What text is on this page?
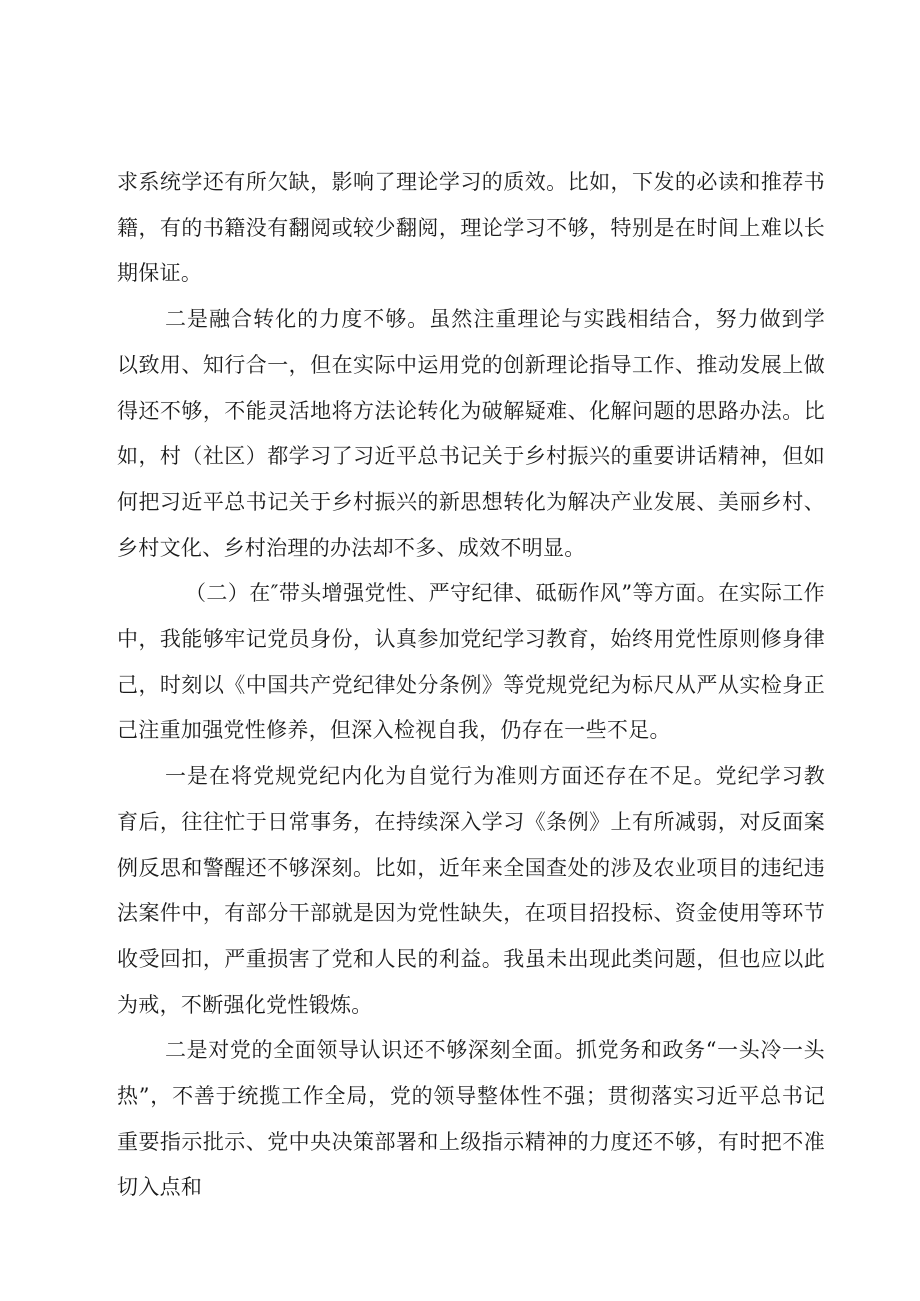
求系统学还有所欠缺，影响了理论学习的质效。比如，下发的必读和推荐书籍，有的书籍没有翻阅或较少翻阅，理论学习不够，特别是在时间上难以长期保证。

二是融合转化的力度不够。虽然注重理论与实践相结合，努力做到学以致用、知行合一，但在实际中运用党的创新理论指导工作、推动发展上做得还不够，不能灵活地将方法论转化为破解疑难、化解问题的思路办法。比如，村（社区）都学习了习近平总书记关于乡村振兴的重要讲话精神，但如何把习近平总书记关于乡村振兴的新思想转化为解决产业发展、美丽乡村、乡村文化、乡村治理的办法却不多、成效不明显。

（二）在″带头增强党性、严守纪律、砥砺作风”等方面。在实际工作中，我能够牢记党员身份，认真参加党纪学习教育，始终用党性原则修身律己，时刻以《中国共产党纪律处分条例》等党规党纪为标尺从严从实检身正己注重加强党性修养，但深入检视自我，仍存在一些不足。

一是在将党规党纪内化为自觉行为准则方面还存在不足。党纪学习教育后，往往忙于日常事务，在持续深入学习《条例》上有所减弱，对反面案例反思和警醒还不够深刻。比如，近年来全国查处的涉及农业项目的违纪违法案件中，有部分干部就是因为党性缺失，在项目招投标、资金使用等环节收受回扣，严重损害了党和人民的利益。我虽未出现此类问题，但也应以此为戒，不断强化党性锻炼。

二是对党的全面领导认识还不够深刻全面。抓党务和政务“一头冷一头热”，不善于统揽工作全局，党的领导整体性不强；贯彻落实习近平总书记重要指示批示、党中央决策部署和上级指示精神的力度还不够，有时把不准切入点和
